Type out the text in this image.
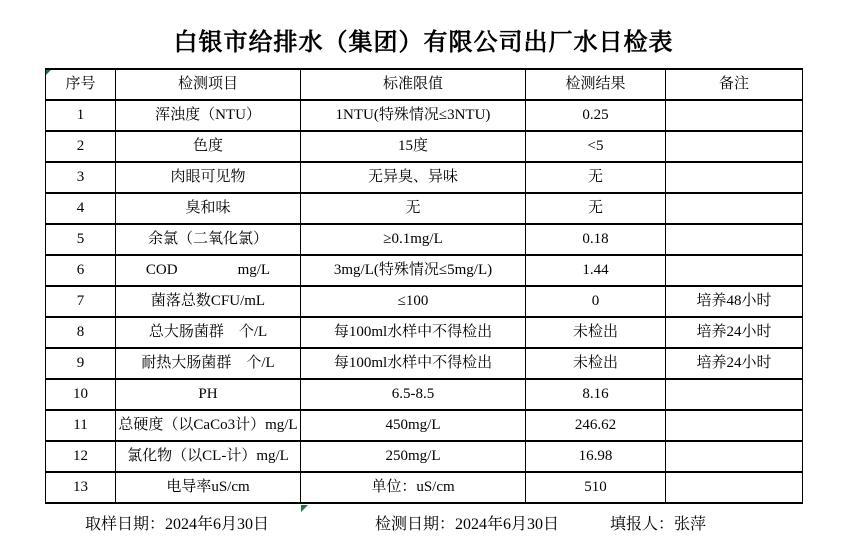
白银市给排水（集团）有限公司出厂水日检表
序号	检测项目	标准限值	检测结果	备注
1	浑浊度（NTU）	1NTU(特殊情况≤3NTU)	0.25	
2	色度	15度	<5	
3	肉眼可见物	无异臭、异味	无	
4	臭和味	无	无	
5	余氯（二氧化氯）	≥0.1mg/L	0.18	
6	COD　　　　mg/L	3mg/L(特殊情况≤5mg/L)	1.44	
7	菌落总数CFU/mL	≤100	0	培养48小时
8	总大肠菌群　个/L	每100ml水样中不得检出	未检出	培养24小时
9	耐热大肠菌群　个/L	每100ml水样中不得检出	未检出	培养24小时
10	PH	6.5-8.5	8.16	
11	总硬度（以CaCo3计）mg/L	450mg/L	246.62	
12	氯化物（以CL-计）mg/L	250mg/L	16.98	
13	电导率uS/cm	单位：uS/cm	510	
取样日期：2024年6月30日	检测日期：2024年6月30日	填报人：张萍
